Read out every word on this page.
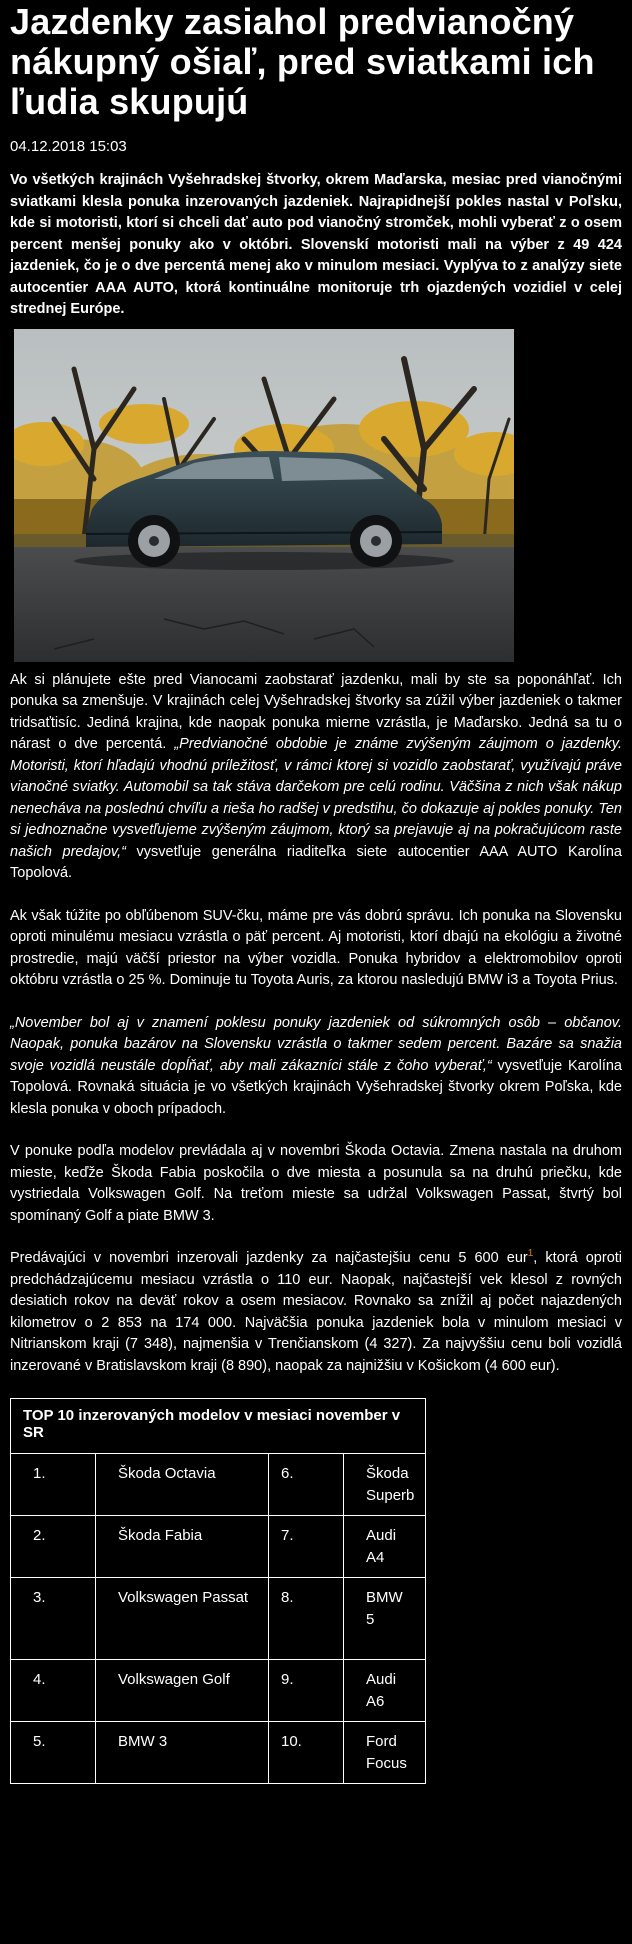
Jazdenky zasiahol predvianočný nákupný ošiaľ, pred sviatkami ich ľudia skupujú
04.12.2018 15:03

Vo všetkých krajinách Vyšehradskej štvorky, okrem Maďarska, mesiac pred vianočnými sviatkami klesla ponuka inzerovaných jazdeniek. Najrapidnejší pokles nastal v Poľsku, kde si motoristi, ktorí si chceli dať auto pod vianočný stromček, mohli vyberať z o osem percent menšej ponuky ako v októbri. Slovenskí motoristi mali na výber z 49 424 jazdeniek, čo je o dve percentá menej ako v minulom mesiaci. Vyplýva to z analýzy siete autocentier AAA AUTO, ktorá kontinuálne monitoruje trh ojazdených vozidiel v celej strednej Európe.

Ak si plánujete ešte pred Vianocami zaobstarať jazdenku, mali by ste sa poponáhľať. Ich ponuka sa zmenšuje. V krajinách celej Vyšehradskej štvorky sa zúžil výber jazdeniek o takmer tridsaťtisíc. Jediná krajina, kde naopak ponuka mierne vzrástla, je Maďarsko. Jedná sa tu o nárast o dve percentá. „Predvianočné obdobie je známe zvýšeným záujmom o jazdenky. Motoristi, ktorí hľadajú vhodnú príležitosť, v rámci ktorej si vozidlo zaobstarať, využívajú práve vianočné sviatky. Automobil sa tak stáva darčekom pre celú rodinu. Väčšina z nich však nákup nenecháva na poslednú chvíľu a rieša ho radšej v predstihu, čo dokazuje aj pokles ponuky. Ten si jednoznačne vysvetľujeme zvýšeným záujmom, ktorý sa prejavuje aj na pokračujúcom raste našich predajov,“ vysvetľuje generálna riaditeľka siete autocentier AAA AUTO Karolína Topolová.

Ak však túžite po obľúbenom SUV-čku, máme pre vás dobrú správu. Ich ponuka na Slovensku oproti minulému mesiacu vzrástla o päť percent. Aj motoristi, ktorí dbajú na ekológiu a životné prostredie, majú väčší priestor na výber vozidla. Ponuka hybridov a elektromobilov oproti októbru vzrástla o 25 %. Dominuje tu Toyota Auris, za ktorou nasledujú BMW i3 a Toyota Prius.

„November bol aj v znamení poklesu ponuky jazdeniek od súkromných osôb – občanov. Naopak, ponuka bazárov na Slovensku vzrástla o takmer sedem percent. Bazáre sa snažia svoje vozidlá neustále dopĺňať, aby mali zákazníci stále z čoho vyberať,“ vysvetľuje Karolína Topolová. Rovnaká situácia je vo všetkých krajinách Vyšehradskej štvorky okrem Poľska, kde klesla ponuka v oboch prípadoch.

V ponuke podľa modelov prevládala aj v novembri Škoda Octavia. Zmena nastala na druhom mieste, keďže Škoda Fabia poskočila o dve miesta a posunula sa na druhú priečku, kde vystriedala Volkswagen Golf. Na treťom mieste sa udržal Volkswagen Passat, štvrtý bol spomínaný Golf a piate BMW 3.

Predávajúci v novembri inzerovali jazdenky za najčastejšiu cenu 5 600 eur$^1$, ktorá oproti predchádzajúcemu mesiacu vzrástla o 110 eur. Naopak, najčastejší vek klesol z rovných desiatich rokov na deväť rokov a osem mesiacov. Rovnako sa znížil aj počet najazdených kilometrov o 2 853 na 174 000. Najväčšia ponuka jazdeniek bola v minulom mesiaci v Nitrianskom kraji (7 348), najmenšia v Trenčianskom (4 327). Za najvyššiu cenu boli vozidlá inzerované v Bratislavskom kraji (8 890), naopak za najnižšiu v Košickom (4 600 eur).

TOP 10 inzerovaných modelov v mesiaci november v SR			
1.	Škoda Octavia	6.	Škoda Superb
2.	Škoda Fabia	7.	Audi A4
3.	Volkswagen Passat	8.	BMW 5
4.	Volkswagen Golf	9.	Audi A6
5.	BMW 3	10.	Ford Focus
